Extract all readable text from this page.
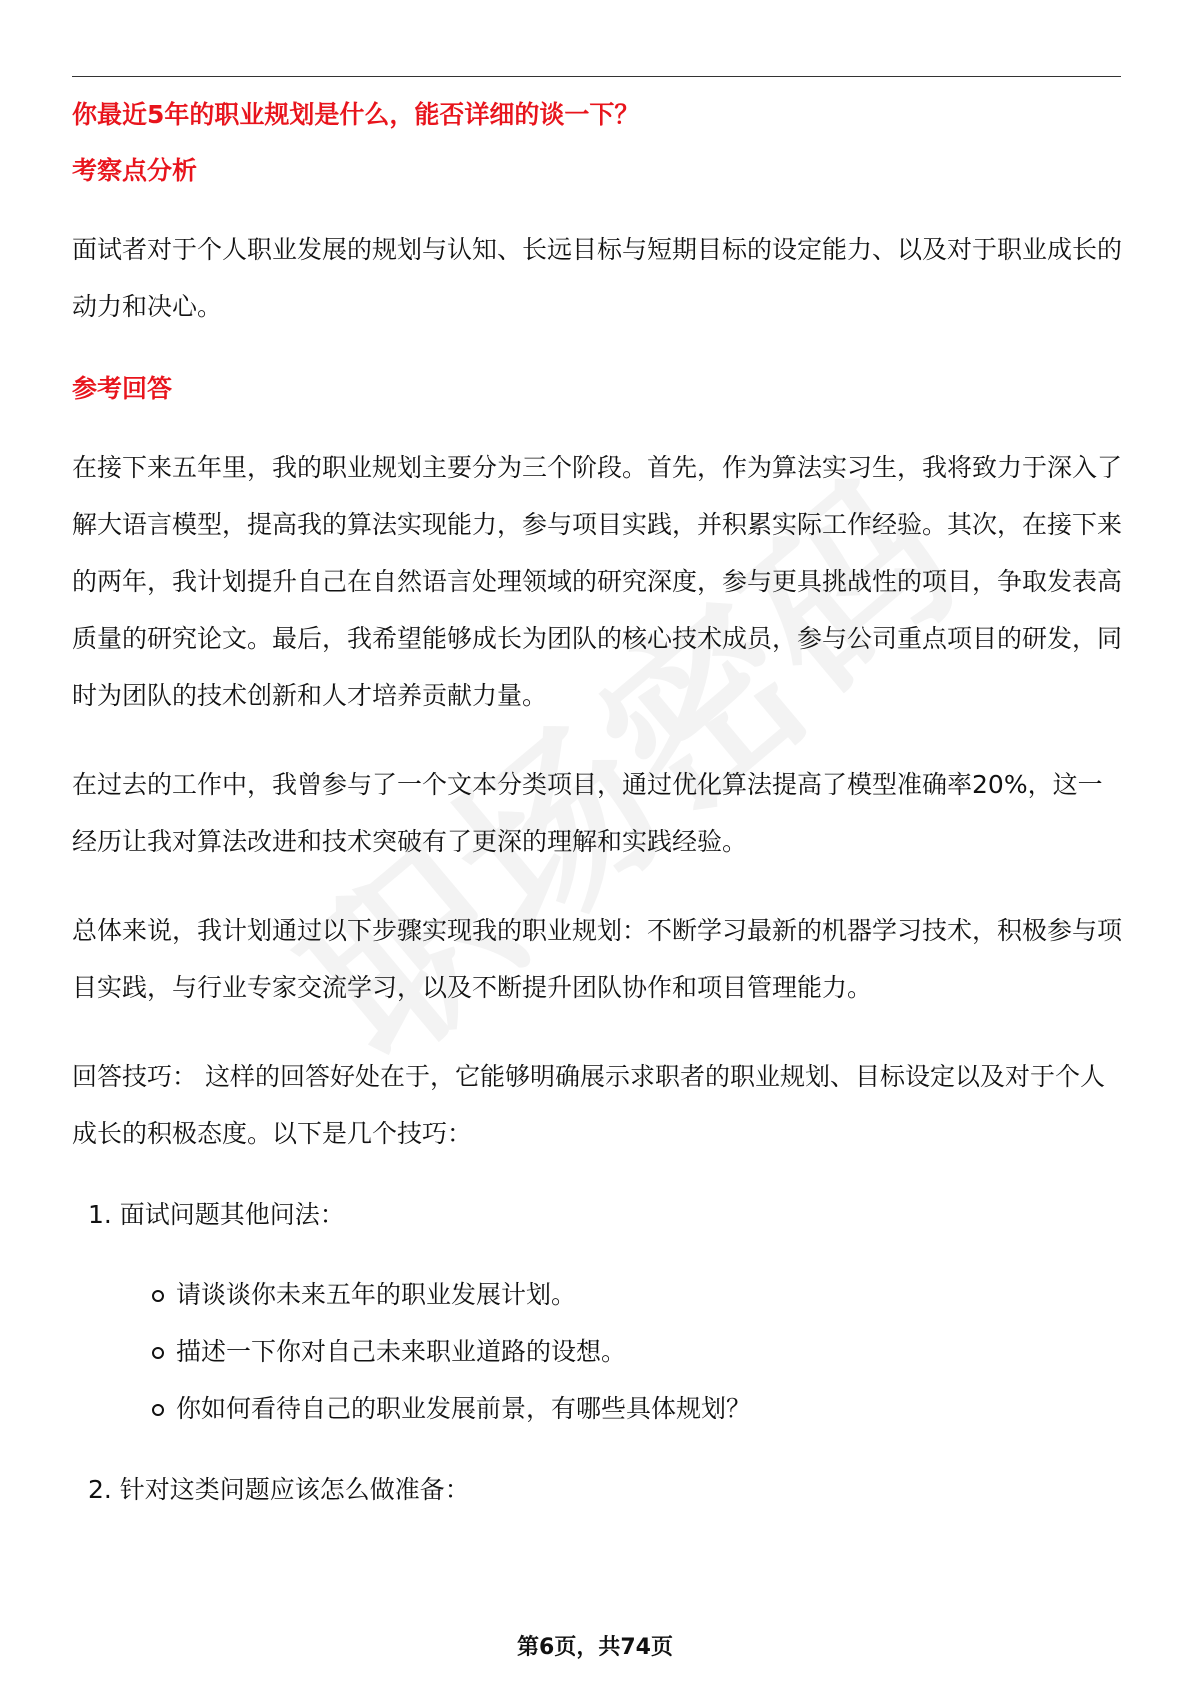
你最近5年的职业规划是什么，能否详细的谈一下？
考察点分析
面试者对于个人职业发展的规划与认知、长远目标与短期目标的设定能力、以及对于职业成长的动力和决心。
参考回答
在接下来五年里，我的职业规划主要分为三个阶段。首先，作为算法实习生，我将致力于深入了解大语言模型，提高我的算法实现能力，参与项目实践，并积累实际工作经验。其次，在接下来的两年，我计划提升自己在自然语言处理领域的研究深度，参与更具挑战性的项目，争取发表高质量的研究论文。最后，我希望能够成长为团队的核心技术成员，参与公司重点项目的研发，同时为团队的技术创新和人才培养贡献力量。
在过去的工作中，我曾参与了一个文本分类项目，通过优化算法提高了模型准确率20%，这一经历让我对算法改进和技术突破有了更深的理解和实践经验。
总体来说，我计划通过以下步骤实现我的职业规划：不断学习最新的机器学习技术，积极参与项目实践，与行业专家交流学习，以及不断提升团队协作和项目管理能力。
回答技巧： 这样的回答好处在于，它能够明确展示求职者的职业规划、目标设定以及对于个人成长的积极态度。以下是几个技巧：
1. 面试问题其他问法：
请谈谈你未来五年的职业发展计划。
描述一下你对自己未来职业道路的设想。
你如何看待自己的职业发展前景，有哪些具体规划？
2. 针对这类问题应该怎么做准备：
第6页，共74页
